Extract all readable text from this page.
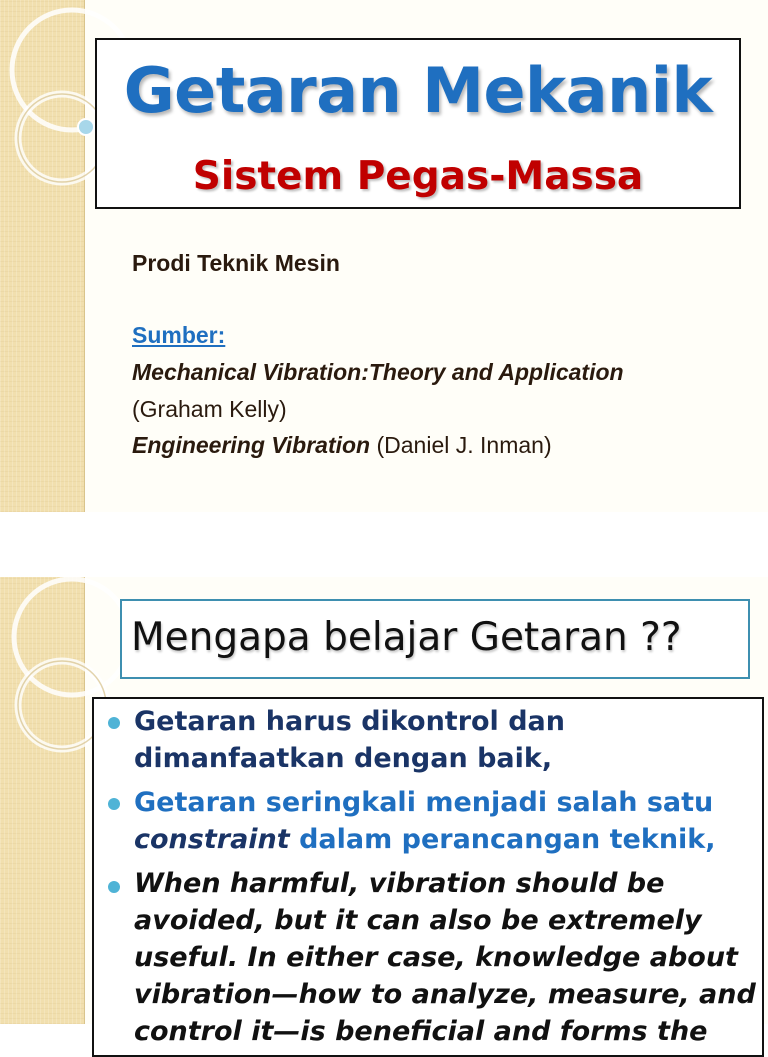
Getaran Mekanik
Sistem Pegas-Massa
Prodi Teknik Mesin
Sumber:
Mechanical Vibration:Theory and Application
(Graham Kelly)
Engineering Vibration (Daniel J. Inman)
Mengapa belajar Getaran ??
Getaran harus dikontrol dan
dimanfaatkan dengan baik,
Getaran seringkali menjadi salah satu
constraint dalam perancangan teknik,
When harmful, vibration should be
avoided, but it can also be extremely
useful. In either case, knowledge about
vibration—how to analyze, measure, and
control it—is beneficial and forms the
